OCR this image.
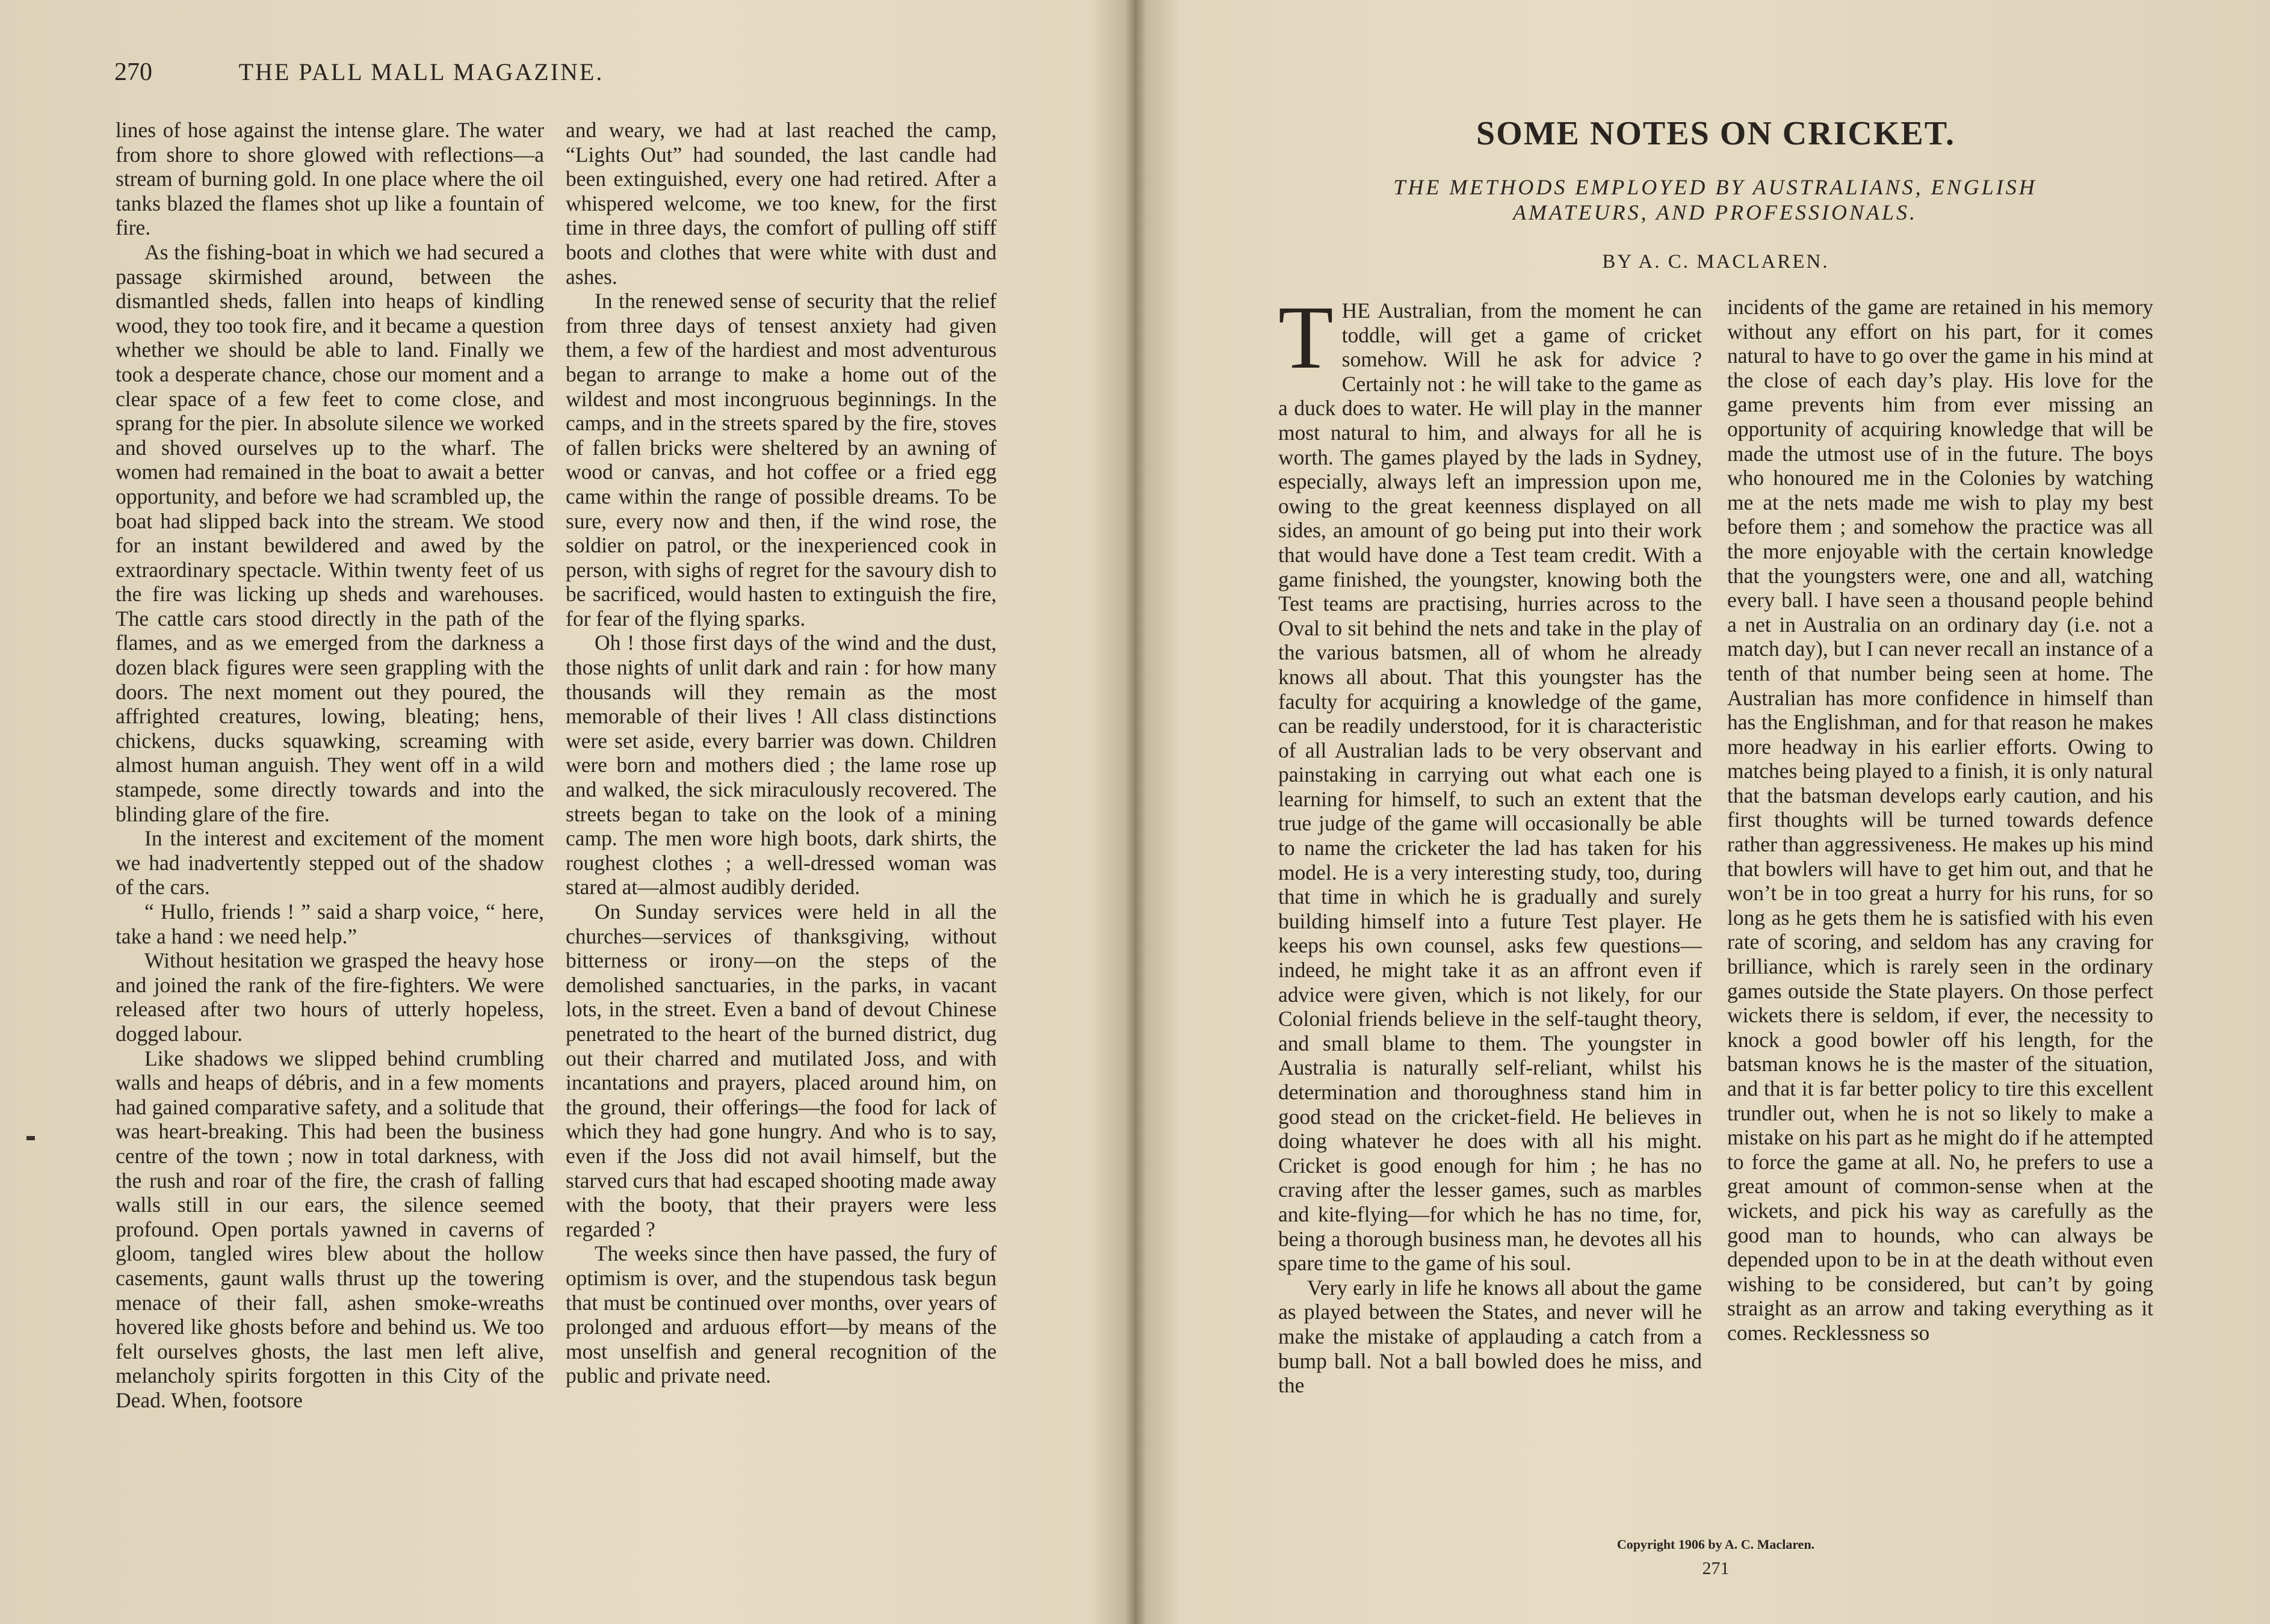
270	THE PALL MALL MAGAZINE.

lines of hose against the intense glare. The water from shore to shore glowed with reflections—a stream of burning gold. In one place where the oil tanks blazed the flames shot up like a fountain of fire.

As the fishing-boat in which we had secured a passage skirmished around, between the dismantled sheds, fallen into heaps of kindling wood, they too took fire, and it became a question whether we should be able to land. Finally we took a desperate chance, chose our moment and a clear space of a few feet to come close, and sprang for the pier. In absolute silence we worked and shoved ourselves up to the wharf. The women had remained in the boat to await a better opportunity, and before we had scrambled up, the boat had slipped back into the stream. We stood for an instant bewildered and awed by the extraordinary spectacle. Within twenty feet of us the fire was licking up sheds and warehouses. The cattle cars stood directly in the path of the flames, and as we emerged from the darkness a dozen black figures were seen grappling with the doors. The next moment out they poured, the affrighted creatures, lowing, bleating; hens, chickens, ducks squawking, screaming with almost human anguish. They went off in a wild stampede, some directly towards and into the blinding glare of the fire.

In the interest and excitement of the moment we had inadvertently stepped out of the shadow of the cars.

“ Hullo, friends ! ” said a sharp voice, “ here, take a hand : we need help.”

Without hesitation we grasped the heavy hose and joined the rank of the fire-fighters. We were released after two hours of utterly hopeless, dogged labour.

Like shadows we slipped behind crumbling walls and heaps of débris, and in a few moments had gained comparative safety, and a solitude that was heart-breaking. This had been the business centre of the town ; now in total darkness, with the rush and roar of the fire, the crash of falling walls still in our ears, the silence seemed profound. Open portals yawned in caverns of gloom, tangled wires blew about the hollow casements, gaunt walls thrust up the towering menace of their fall, ashen smoke-wreaths hovered like ghosts before and behind us. We too felt ourselves ghosts, the last men left alive, melancholy spirits forgotten in this City of the Dead. When, footsore

and weary, we had at last reached the camp, “Lights Out” had sounded, the last candle had been extinguished, every one had retired. After a whispered welcome, we too knew, for the first time in three days, the comfort of pulling off stiff boots and clothes that were white with dust and ashes.

In the renewed sense of security that the relief from three days of tensest anxiety had given them, a few of the hardiest and most adventurous began to arrange to make a home out of the wildest and most incongruous beginnings. In the camps, and in the streets spared by the fire, stoves of fallen bricks were sheltered by an awning of wood or canvas, and hot coffee or a fried egg came within the range of possible dreams. To be sure, every now and then, if the wind rose, the soldier on patrol, or the inexperienced cook in person, with sighs of regret for the savoury dish to be sacrificed, would hasten to extinguish the fire, for fear of the flying sparks.

Oh ! those first days of the wind and the dust, those nights of unlit dark and rain : for how many thousands will they remain as the most memorable of their lives ! All class distinctions were set aside, every barrier was down. Children were born and mothers died ; the lame rose up and walked, the sick miraculously recovered. The streets began to take on the look of a mining camp. The men wore high boots, dark shirts, the roughest clothes ; a well-dressed woman was stared at—almost audibly derided.

On Sunday services were held in all the churches—services of thanksgiving, without bitterness or irony—on the steps of the demolished sanctuaries, in the parks, in vacant lots, in the street. Even a band of devout Chinese penetrated to the heart of the burned district, dug out their charred and mutilated Joss, and with incantations and prayers, placed around him, on the ground, their offerings—the food for lack of which they had gone hungry. And who is to say, even if the Joss did not avail himself, but the starved curs that had escaped shooting made away with the booty, that their prayers were less regarded ?

The weeks since then have passed, the fury of optimism is over, and the stupendous task begun that must be continued over months, over years of prolonged and arduous effort—by means of the most unselfish and general recognition of the public and private need.

SOME NOTES ON CRICKET.
THE METHODS EMPLOYED BY AUSTRALIANS, ENGLISH
AMATEURS, AND PROFESSIONALS.
BY A. C. MACLAREN.
T HE Australian, from the moment he can toddle, will get a game of cricket somehow. Will he ask for advice ? Certainly not : he will take to the game as a duck does to water. He will play in the manner most natural to him, and always for all he is worth. The games played by the lads in Sydney, especially, always left an impression upon me, owing to the great keenness displayed on all sides, an amount of go being put into their work that would have done a Test team credit. With a game finished, the youngster, knowing both the Test teams are practising, hurries across to the Oval to sit behind the nets and take in the play of the various batsmen, all of whom he already knows all about. That this youngster has the faculty for acquiring a knowledge of the game, can be readily understood, for it is characteristic of all Australian lads to be very observant and painstaking in carrying out what each one is learning for himself, to such an extent that the true judge of the game will occasionally be able to name the cricketer the lad has taken for his model. He is a very interesting study, too, during that time in which he is gradually and surely building himself into a future Test player. He keeps his own counsel, asks few questions—indeed, he might take it as an affront even if advice were given, which is not likely, for our Colonial friends believe in the self-taught theory, and small blame to them. The youngster in Australia is naturally self-reliant, whilst his determination and thoroughness stand him in good stead on the cricket-field. He believes in doing whatever he does with all his might. Cricket is good enough for him ; he has no craving after the lesser games, such as marbles and kite-flying—for which he has no time, for, being a thorough business man, he devotes all his spare time to the game of his soul.

Very early in life he knows all about the game as played between the States, and never will he make the mistake of applauding a catch from a bump ball. Not a ball bowled does he miss, and the

incidents of the game are retained in his memory without any effort on his part, for it comes natural to have to go over the game in his mind at the close of each day’s play. His love for the game prevents him from ever missing an opportunity of acquiring knowledge that will be made the utmost use of in the future. The boys who honoured me in the Colonies by watching me at the nets made me wish to play my best before them ; and somehow the practice was all the more enjoyable with the certain knowledge that the youngsters were, one and all, watching every ball. I have seen a thousand people behind a net in Australia on an ordinary day (i.e. not a match day), but I can never recall an instance of a tenth of that number being seen at home. The Australian has more confidence in himself than has the Englishman, and for that reason he makes more headway in his earlier efforts. Owing to matches being played to a finish, it is only natural that the batsman develops early caution, and his first thoughts will be turned towards defence rather than aggressiveness. He makes up his mind that bowlers will have to get him out, and that he won’t be in too great a hurry for his runs, for so long as he gets them he is satisfied with his even rate of scoring, and seldom has any craving for brilliance, which is rarely seen in the ordinary games outside the State players. On those perfect wickets there is seldom, if ever, the necessity to knock a good bowler off his length, for the batsman knows he is the master of the situation, and that it is far better policy to tire this excellent trundler out, when he is not so likely to make a mistake on his part as he might do if he attempted to force the game at all. No, he prefers to use a great amount of common-sense when at the wickets, and pick his way as carefully as the good man to hounds, who can always be depended upon to be in at the death without even wishing to be considered, but can’t by going straight as an arrow and taking everything as it comes. Recklessness so

Copyright 1906 by A. C. Maclaren.
271
